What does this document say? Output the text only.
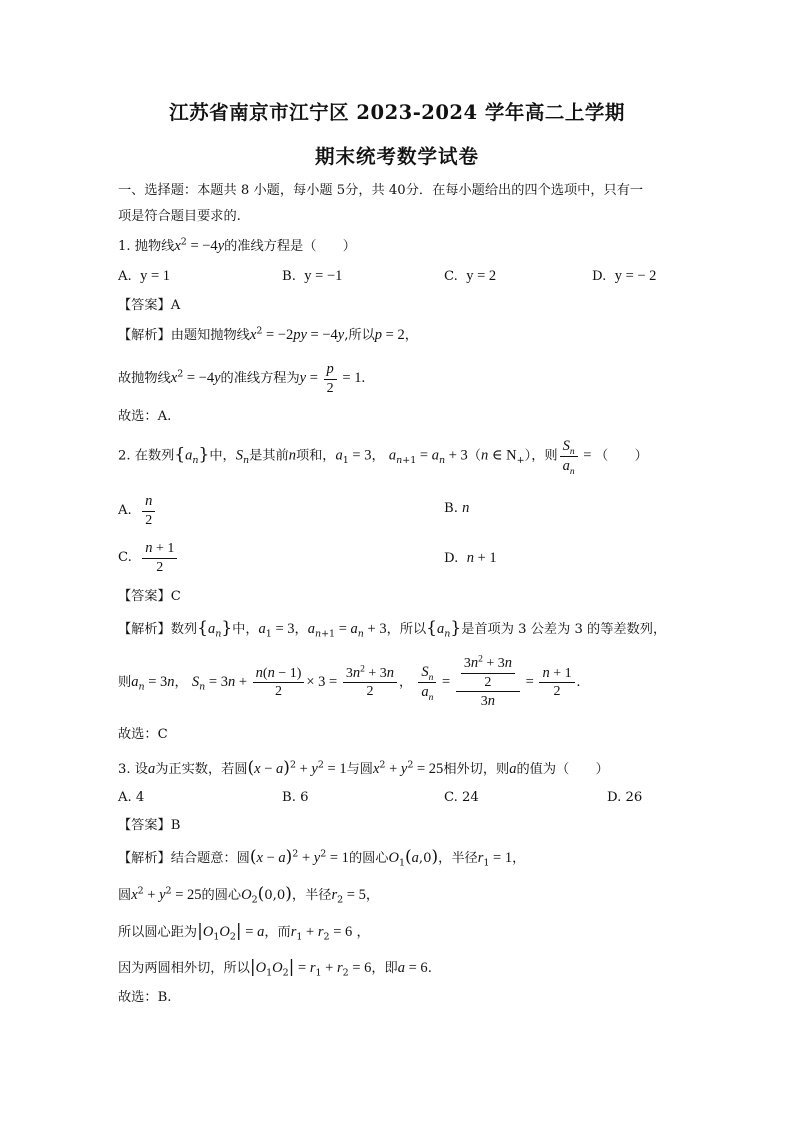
江苏省南京市江宁区 2023-2024 学年高二上学期
期末统考数学试卷
一、选择题：本题共 8 小题，每小题 5分，共 40分．在每小题给出的四个选项中，只有一
项是符合题目要求的.
1. 抛物线$x^2 = -4y$的准线方程是（　　）
A.  y = 1	B.  y = −1	C.  y = 2	D.  y = − 2
【答案】A
【解析】由题知抛物线$x^2 = -2py = -4y$,所以p = 2，
故抛物线$x^2 = -4y$的准线方程为$y = \frac{p}{2} = 1$.
故选：A.
2. 在数列$\{a_n\}$中，$S_n$是其前n项和，$a_1 = 3$， $a_{n+1} = a_n + 3(n$ ∈ $N_+$），则 $\frac{S_n}{a_n}$ = （　　）
A. $\frac{n}{2}$	B. n
C. $\frac{n + 1}{2}$	D.  n + 1
【答案】C
【解析】数列$\{a_n\}$中，$a_1 = 3$，$a_{n+1} = a_n + 3$，所以$\{a_n\}$是首项为 3 公差为 3 的等差数列，
则$a_n = 3n$， $S_n = 3n + \frac{n(n - 1)}{2} \times 3 = \frac{3n^2 + 3n}{2}$ ， $\frac{S_n}{a_n} = \frac{\frac{3n^2 + 3n}{2}}{3n} = \frac{n + 1}{2}$ .
故选：C
3. 设a为正实数，若圆$(x - a)^2 + y^2 = 1$与圆$x^2 + y^2 = 25$相外切，则a的值为（　　）
A. 4	B. 6	C. 24	D. 26
【答案】B
【解析】结合题意：圆$(x - a)^2 + y^2 = 1$的圆心$O_1(a,0)$，半径$r_1 = 1$，
圆$x^2 + y^2 = 25$的圆心$O_2(0,0)$，半径$r_2 = 5$，
所以圆心距为$|O_1O_2| = a$，而$r_1 + r_2 = 6$ ，
因为两圆相外切，所以$|O_1O_2| = r_1 + r_2 = 6$，即a = 6.
故选：B.
